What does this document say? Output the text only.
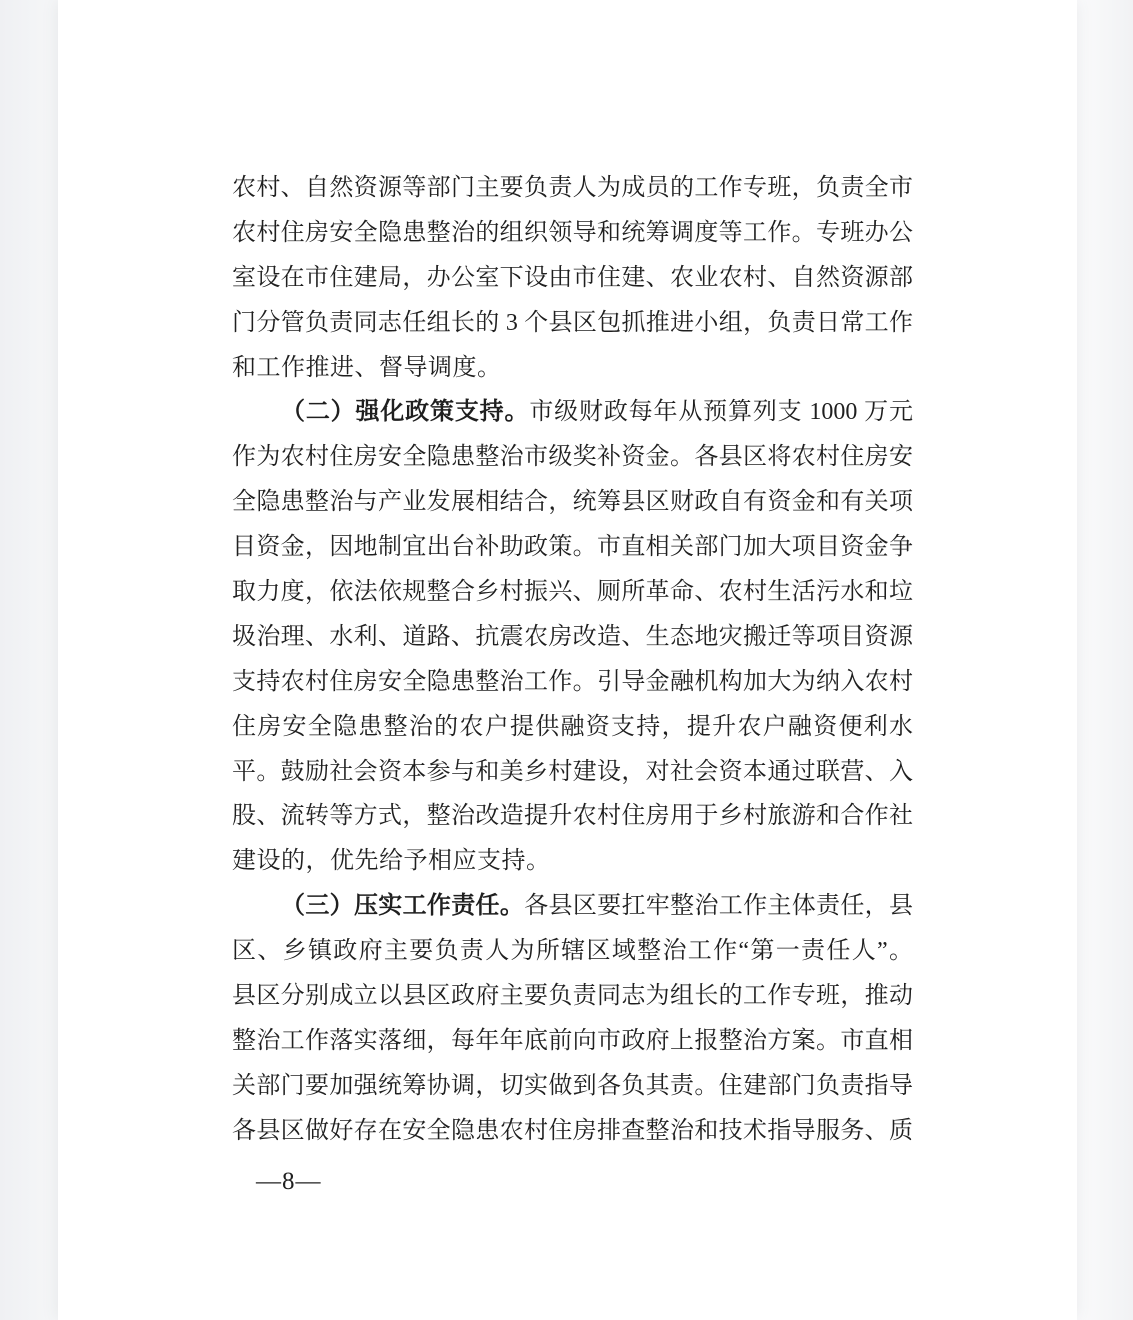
农村、自然资源等部门主要负责人为成员的工作专班，负责全市
农村住房安全隐患整治的组织领导和统筹调度等工作。专班办公
室设在市住建局，办公室下设由市住建、农业农村、自然资源部
门分管负责同志任组长的 3 个县区包抓推进小组，负责日常工作
和工作推进、督导调度。
（二）强化政策支持。市级财政每年从预算列支 1000 万元
作为农村住房安全隐患整治市级奖补资金。各县区将农村住房安
全隐患整治与产业发展相结合，统筹县区财政自有资金和有关项
目资金，因地制宜出台补助政策。市直相关部门加大项目资金争
取力度，依法依规整合乡村振兴、厕所革命、农村生活污水和垃
圾治理、水利、道路、抗震农房改造、生态地灾搬迁等项目资源
支持农村住房安全隐患整治工作。引导金融机构加大为纳入农村
住房安全隐患整治的农户提供融资支持，提升农户融资便利水
平。鼓励社会资本参与和美乡村建设，对社会资本通过联营、入
股、流转等方式，整治改造提升农村住房用于乡村旅游和合作社
建设的，优先给予相应支持。
（三）压实工作责任。各县区要扛牢整治工作主体责任，县
区、乡镇政府主要负责人为所辖区域整治工作“第一责任人”。
县区分别成立以县区政府主要负责同志为组长的工作专班，推动
整治工作落实落细，每年年底前向市政府上报整治方案。市直相
关部门要加强统筹协调，切实做到各负其责。住建部门负责指导
各县区做好存在安全隐患农村住房排查整治和技术指导服务、质
—8—
